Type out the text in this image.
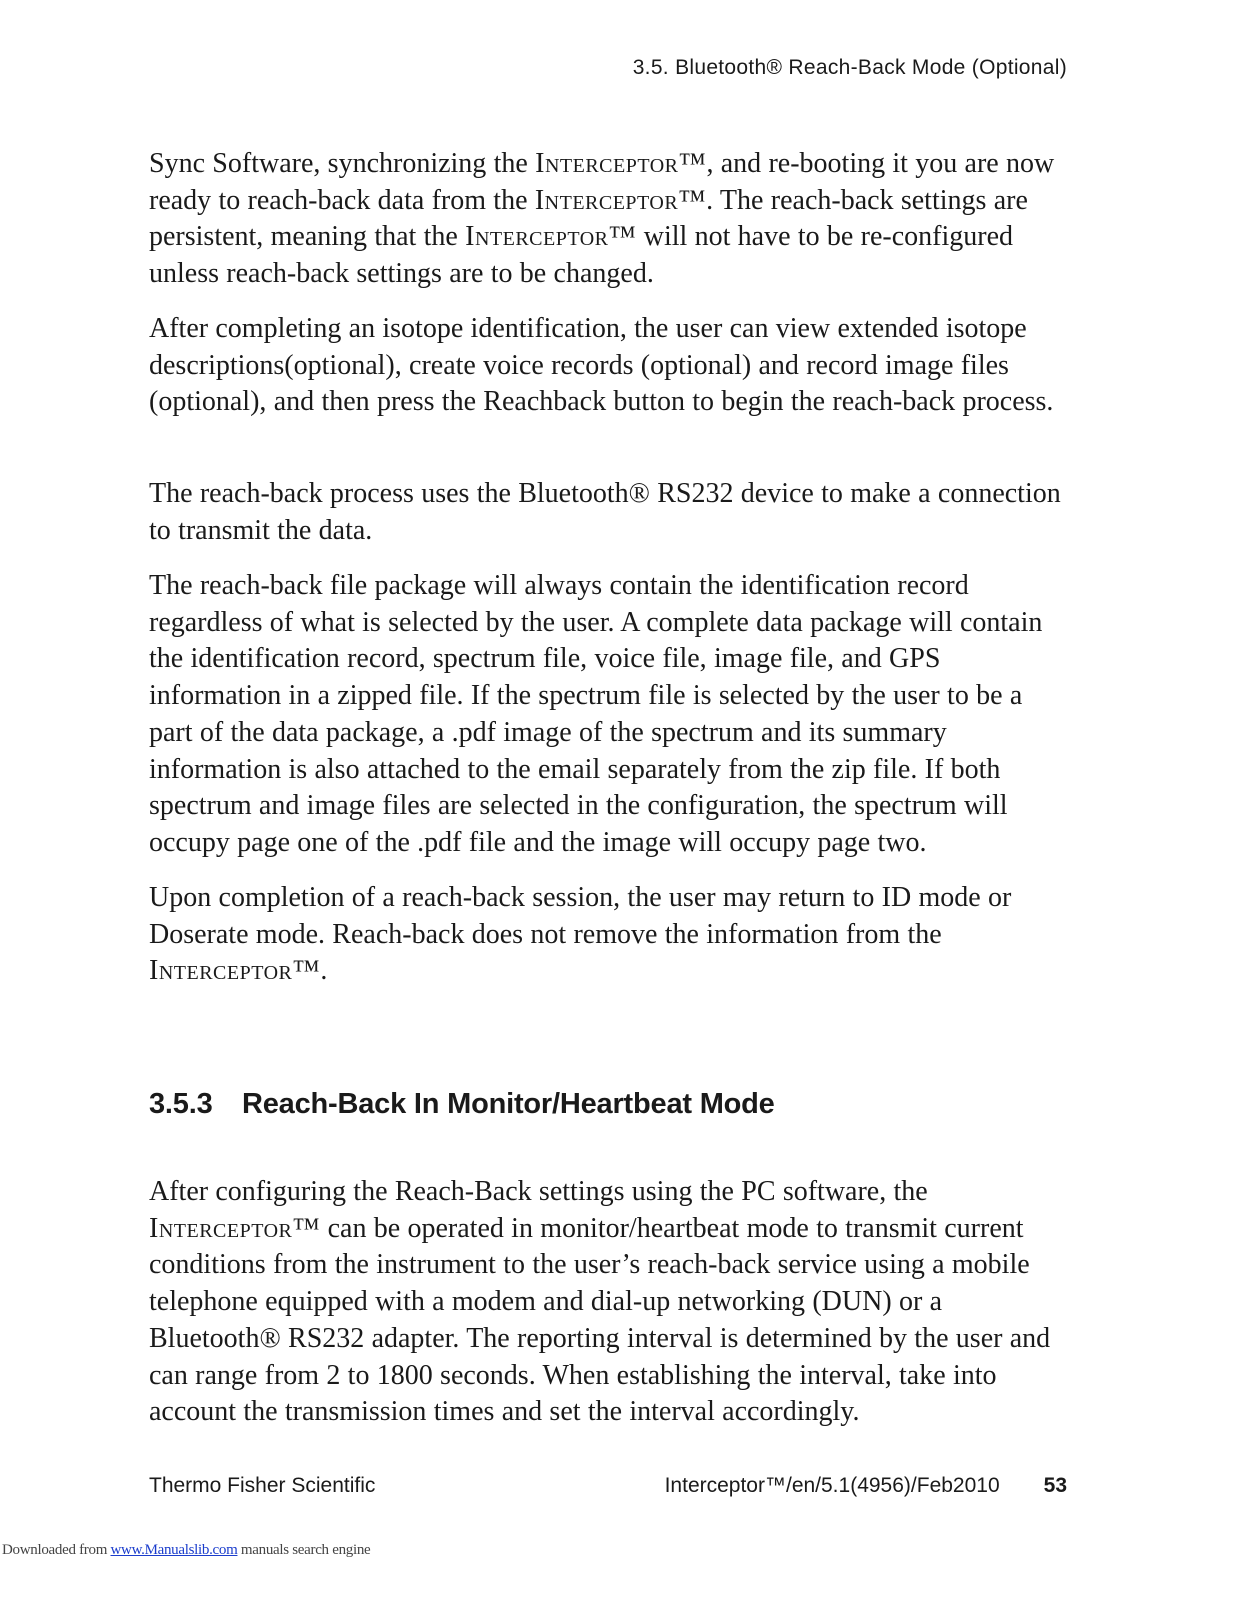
3.5. Bluetooth® Reach-Back Mode (Optional)

Sync Software, synchronizing the Interceptor™, and re-booting it you are now ready to reach-back data from the Interceptor™. The reach-back settings are persistent, meaning that the Interceptor™ will not have to be re-configured unless reach-back settings are to be changed.

After completing an isotope identification, the user can view extended isotope descriptions(optional), create voice records (optional) and record image files (optional), and then press the Reachback button to begin the reach-back process.

The reach-back process uses the Bluetooth® RS232 device to make a connection to transmit the data.

The reach-back file package will always contain the identification record regardless of what is selected by the user. A complete data package will contain the identification record, spectrum file, voice file, image file, and GPS information in a zipped file. If the spectrum file is selected by the user to be a part of the data package, a .pdf image of the spectrum and its summary information is also attached to the email separately from the zip file. If both spectrum and image files are selected in the configuration, the spectrum will occupy page one of the .pdf file and the image will occupy page two.

Upon completion of a reach-back session, the user may return to ID mode or Doserate mode. Reach-back does not remove the information from the Interceptor™.

3.5.3 Reach-Back In Monitor/Heartbeat Mode

After configuring the Reach-Back settings using the PC software, the Interceptor™ can be operated in monitor/heartbeat mode to transmit current conditions from the instrument to the user’s reach-back service using a mobile telephone equipped with a modem and dial-up networking (DUN) or a Bluetooth® RS232 adapter. The reporting interval is determined by the user and can range from 2 to 1800 seconds. When establishing the interval, take into account the transmission times and set the interval accordingly.

Thermo Fisher Scientific	Interceptor™/en/5.1(4956)/Feb2010 53
Downloaded from www.Manualslib.com manuals search engine
